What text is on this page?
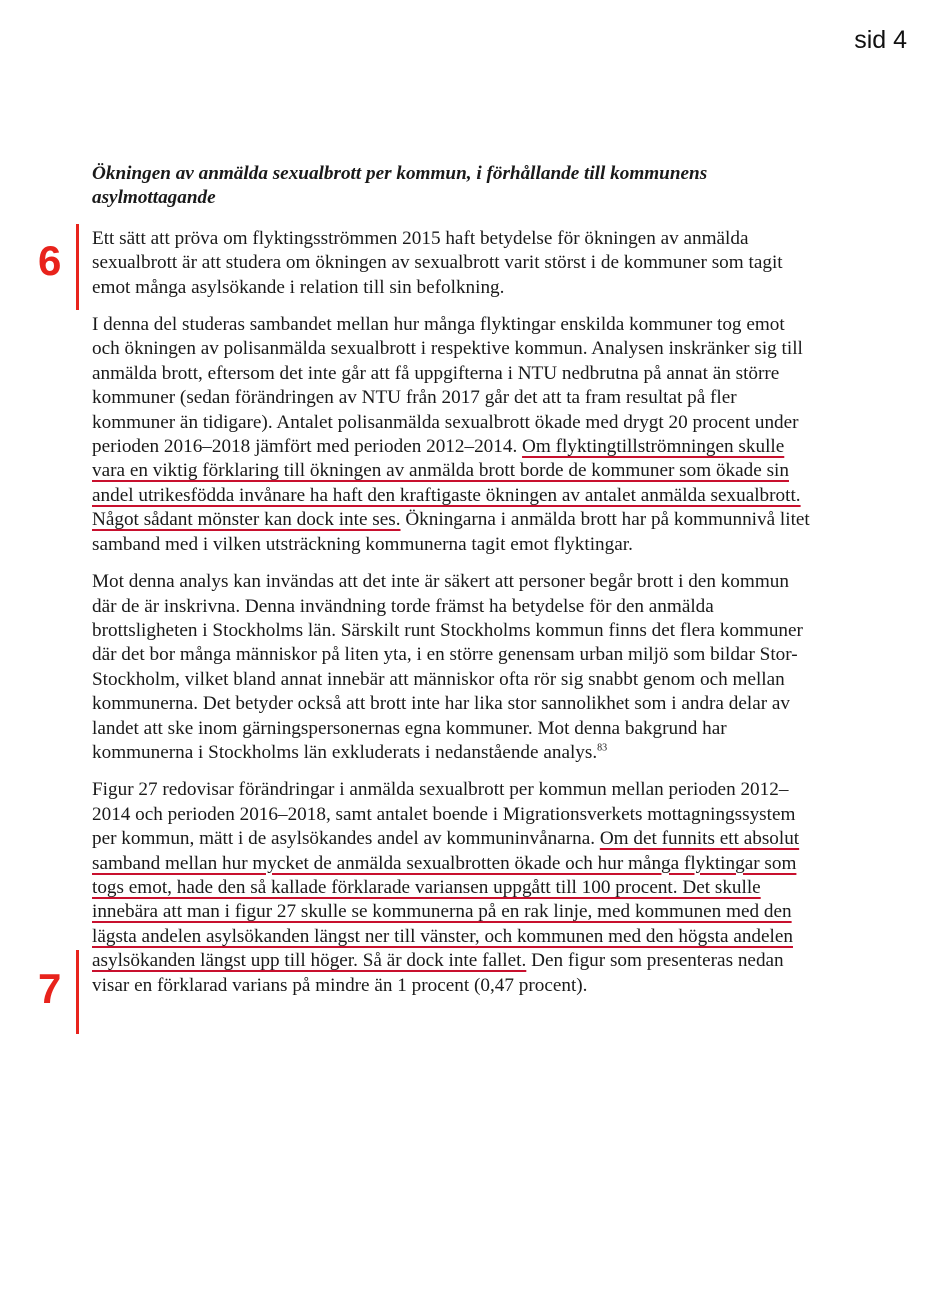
sid 4
6
7

Ökningen av anmälda sexualbrott per kommun, i förhållande till kommunens asylmottagande

Ett sätt att pröva om flyktingsströmmen 2015 haft betydelse för ökningen av anmälda sexualbrott är att studera om ökningen av sexualbrott varit störst i de kommuner som tagit emot många asylsökande i relation till sin befolkning.

I denna del studeras sambandet mellan hur många flyktingar enskilda kommuner tog emot och ökningen av polisanmälda sexualbrott i respektive kommun. Analysen inskränker sig till anmälda brott, eftersom det inte går att få uppgifterna i NTU nedbrutna på annat än större kommuner (sedan förändringen av NTU från 2017 går det att ta fram resultat på fler kommuner än tidigare). Antalet polisanmälda sexualbrott ökade med drygt 20 procent under perioden 2016–2018 jämfört med perioden 2012–2014. Om flyktingtillströmningen skulle vara en viktig förklaring till ökningen av anmälda brott borde de kommuner som ökade sin andel utrikesfödda invånare ha haft den kraftigaste ökningen av antalet anmälda sexualbrott. Något sådant mönster kan dock inte ses. Ökningarna i anmälda brott har på kommunnivå litet samband med i vilken utsträckning kommunerna tagit emot flyktingar.

Mot denna analys kan invändas att det inte är säkert att personer begår brott i den kommun där de är inskrivna. Denna invändning torde främst ha betydelse för den anmälda brottsligheten i Stockholms län. Särskilt runt Stockholms kommun finns det flera kommuner där det bor många människor på liten yta, i en större genensam urban miljö som bildar Stor-Stockholm, vilket bland annat innebär att människor ofta rör sig snabbt genom och mellan kommunerna. Det betyder också att brott inte har lika stor sannolikhet som i andra delar av landet att ske inom gärningspersonernas egna kommuner. Mot denna bakgrund har kommunerna i Stockholms län exkluderats i nedanstående analys.$^{83}$

Figur 27 redovisar förändringar i anmälda sexualbrott per kommun mellan perioden 2012–2014 och perioden 2016–2018, samt antalet boende i Migrationsverkets mottagningssystem per kommun, mätt i de asylsökandes andel av kommuninvånarna. Om det funnits ett absolut samband mellan hur mycket de anmälda sexualbrotten ökade och hur många flyktingar som togs emot, hade den så kallade förklarade variansen uppgått till 100 procent. Det skulle innebära att man i figur 27 skulle se kommunerna på en rak linje, med kommunen med den lägsta andelen asylsökanden längst ner till vänster, och kommunen med den högsta andelen asylsökanden längst upp till höger. Så är dock inte fallet. Den figur som presenteras nedan visar en förklarad varians på mindre än 1 procent (0,47 procent).
